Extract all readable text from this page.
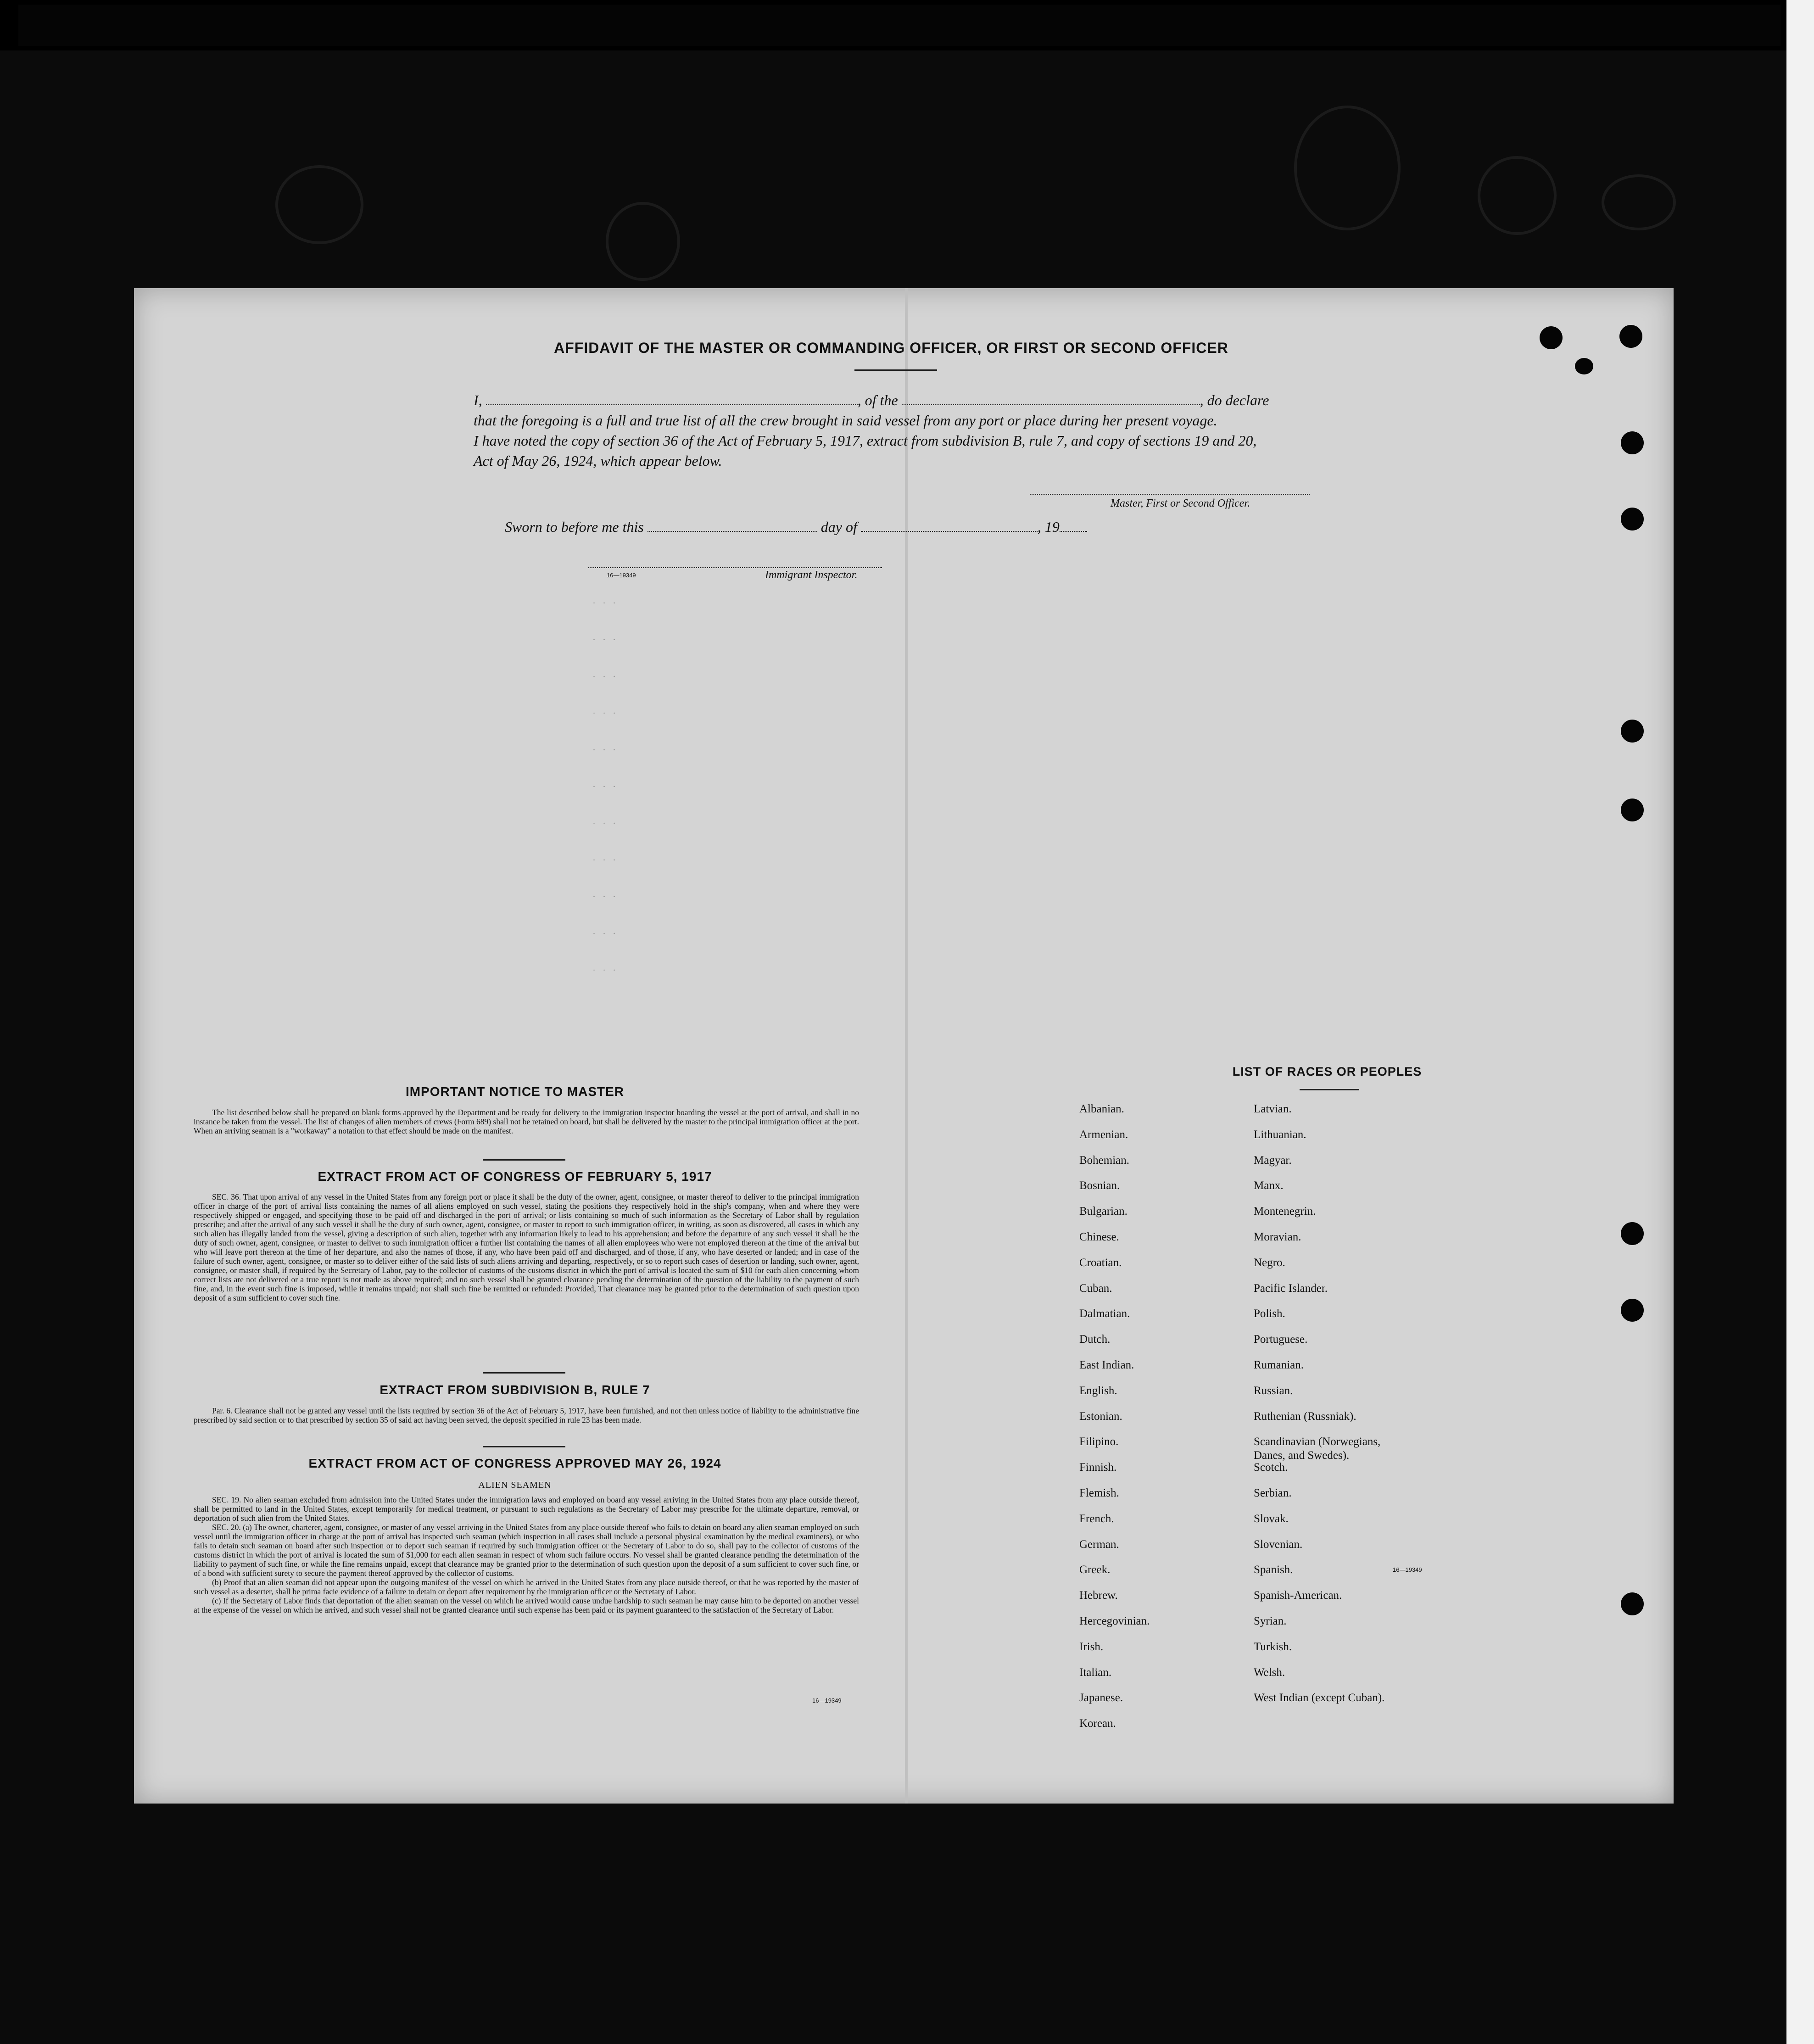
AFFIDAVIT OF THE MASTER OR COMMANDING OFFICER, OR FIRST OR SECOND OFFICER
I,	, of the	, do declare
that the foregoing is a full and true list of all the crew brought in said vessel from any port or place during her present voyage.
I have noted the copy of section 36 of the Act of February 5, 1917, extract from subdivision B, rule 7, and copy of sections 19 and 20,
Act of May 26, 1924, which appear below.
Master, First or Second Officer.
Sworn to before me this	day of	, 19
16—19349	Immigrant Inspector.
. . .
. . .
. . .
. . .
. . .
. . .
. . .
. . .
. . .
. . .
. . .
IMPORTANT NOTICE TO MASTER

The list described below shall be prepared on blank forms approved by the Department and be ready for delivery to the immigration inspector boarding the vessel at the port of arrival, and shall in no instance be taken from the vessel. The list of changes of alien members of crews (Form 689) shall not be retained on board, but shall be delivered by the master to the principal immigration officer at the port. When an arriving seaman is a "workaway" a notation to that effect should be made on the manifest.

EXTRACT FROM ACT OF CONGRESS OF FEBRUARY 5, 1917

SEC. 36. That upon arrival of any vessel in the United States from any foreign port or place it shall be the duty of the owner, agent, consignee, or master thereof to deliver to the principal immigration officer in charge of the port of arrival lists containing the names of all aliens employed on such vessel, stating the positions they respectively hold in the ship's company, when and where they were respectively shipped or engaged, and specifying those to be paid off and discharged in the port of arrival; or lists containing so much of such information as the Secretary of Labor shall by regulation prescribe; and after the arrival of any such vessel it shall be the duty of such owner, agent, consignee, or master to report to such immigration officer, in writing, as soon as discovered, all cases in which any such alien has illegally landed from the vessel, giving a description of such alien, together with any information likely to lead to his apprehension; and before the departure of any such vessel it shall be the duty of such owner, agent, consignee, or master to deliver to such immigration officer a further list containing the names of all alien employees who were not employed thereon at the time of the arrival but who will leave port thereon at the time of her departure, and also the names of those, if any, who have been paid off and discharged, and of those, if any, who have deserted or landed; and in case of the failure of such owner, agent, consignee, or master so to deliver either of the said lists of such aliens arriving and departing, respectively, or so to report such cases of desertion or landing, such owner, agent, consignee, or master shall, if required by the Secretary of Labor, pay to the collector of customs of the customs district in which the port of arrival is located the sum of $10 for each alien concerning whom correct lists are not delivered or a true report is not made as above required; and no such vessel shall be granted clearance pending the determination of the question of the liability to the payment of such fine, and, in the event such fine is imposed, while it remains unpaid; nor shall such fine be remitted or refunded: Provided, That clearance may be granted prior to the determination of such question upon deposit of a sum sufficient to cover such fine.

EXTRACT FROM SUBDIVISION B, RULE 7

Par. 6. Clearance shall not be granted any vessel until the lists required by section 36 of the Act of February 5, 1917, have been furnished, and not then unless notice of liability to the administrative fine prescribed by said section or to that prescribed by section 35 of said act having been served, the deposit specified in rule 23 has been made.

EXTRACT FROM ACT OF CONGRESS APPROVED MAY 26, 1924
ALIEN SEAMEN

SEC. 19. No alien seaman excluded from admission into the United States under the immigration laws and employed on board any vessel arriving in the United States from any place outside thereof, shall be permitted to land in the United States, except temporarily for medical treatment, or pursuant to such regulations as the Secretary of Labor may prescribe for the ultimate departure, removal, or deportation of such alien from the United States.

SEC. 20. (a) The owner, charterer, agent, consignee, or master of any vessel arriving in the United States from any place outside thereof who fails to detain on board any alien seaman employed on such vessel until the immigration officer in charge at the port of arrival has inspected such seaman (which inspection in all cases shall include a personal physical examination by the medical examiners), or who fails to detain such seaman on board after such inspection or to deport such seaman if required by such immigration officer or the Secretary of Labor to do so, shall pay to the collector of customs of the customs district in which the port of arrival is located the sum of $1,000 for each alien seaman in respect of whom such failure occurs. No vessel shall be granted clearance pending the determination of the liability to payment of such fine, or while the fine remains unpaid, except that clearance may be granted prior to the determination of such question upon the deposit of a sum sufficient to cover such fine, or of a bond with sufficient surety to secure the payment thereof approved by the collector of customs.

(b) Proof that an alien seaman did not appear upon the outgoing manifest of the vessel on which he arrived in the United States from any place outside thereof, or that he was reported by the master of such vessel as a deserter, shall be prima facie evidence of a failure to detain or deport after requirement by the immigration officer or the Secretary of Labor.

(c) If the Secretary of Labor finds that deportation of the alien seaman on the vessel on which he arrived would cause undue hardship to such seaman he may cause him to be deported on another vessel at the expense of the vessel on which he arrived, and such vessel shall not be granted clearance until such expense has been paid or its payment guaranteed to the satisfaction of the Secretary of Labor.

16—19349
LIST OF RACES OR PEOPLES
Albanian.
Armenian.
Bohemian.
Bosnian.
Bulgarian.
Chinese.
Croatian.
Cuban.
Dalmatian.
Dutch.
East Indian.
English.
Estonian.
Filipino.
Finnish.
Flemish.
French.
German.
Greek.
Hebrew.
Hercegovinian.
Irish.
Italian.
Japanese.
Korean.
Latvian.
Lithuanian.
Magyar.
Manx.
Montenegrin.
Moravian.
Negro.
Pacific Islander.
Polish.
Portuguese.
Rumanian.
Russian.
Ruthenian (Russniak).
Scandinavian (Norwegians,
Danes, and Swedes).
Scotch.
Serbian.
Slovak.
Slovenian.
Spanish.
Spanish-American.
Syrian.
Turkish.
Welsh.
West Indian (except Cuban).
16—19349
